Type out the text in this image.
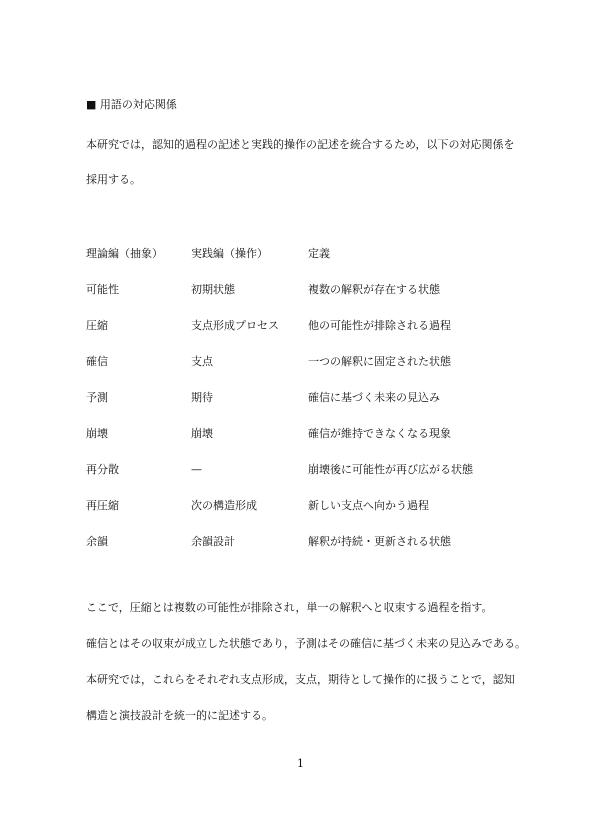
■ 用語の対応関係
本研究では，認知的過程の記述と実践的操作の記述を統合するため，以下の対応関係を
採用する。
理論編（抽象）	実践編（操作）	定義
可能性	初期状態	複数の解釈が存在する状態
圧縮	支点形成プロセス	他の可能性が排除される過程
確信	支点	一つの解釈に固定された状態
予測	期待	確信に基づく未来の見込み
崩壊	崩壊	確信が維持できなくなる現象
再分散	—	崩壊後に可能性が再び広がる状態
再圧縮	次の構造形成	新しい支点へ向かう過程
余韻	余韻設計	解釈が持続・更新される状態
ここで，圧縮とは複数の可能性が排除され，単一の解釈へと収束する過程を指す。
確信とはその収束が成立した状態であり，予測はその確信に基づく未来の見込みである。
本研究では，これらをそれぞれ支点形成，支点，期待として操作的に扱うことで，認知
構造と演技設計を統一的に記述する。
1
